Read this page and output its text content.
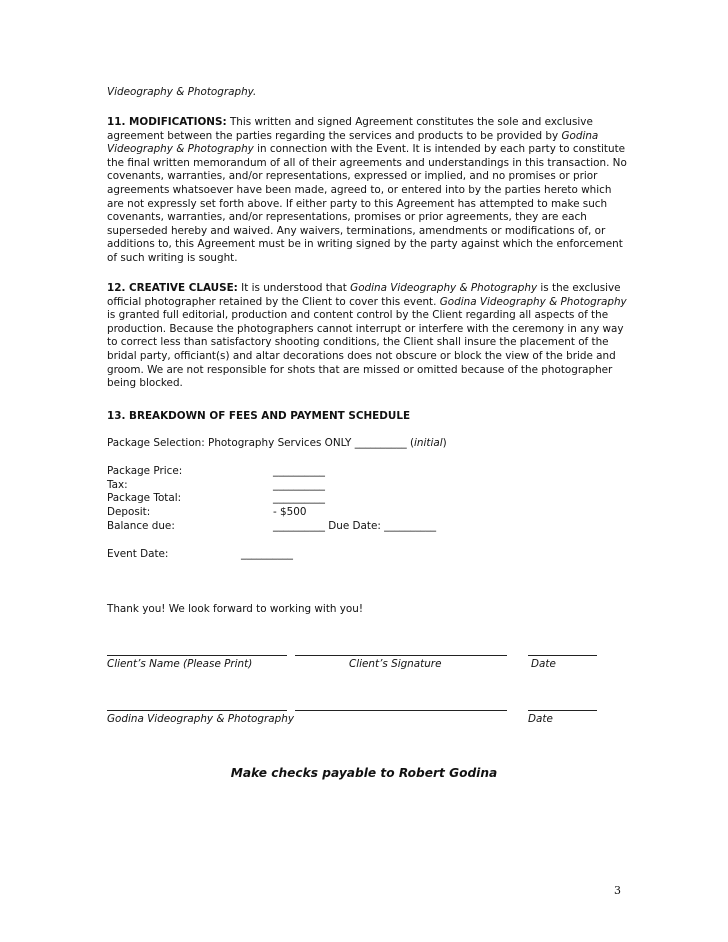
Videography & Photography.

11. MODIFICATIONS: This written and signed Agreement constitutes the sole and exclusive agreement between the parties regarding the services and products to be provided by Godina Videography & Photography in connection with the Event. It is intended by each party to constitute the final written memorandum of all of their agreements and understandings in this transaction. No covenants, warranties, and/or representations, expressed or implied, and no promises or prior agreements whatsoever have been made, agreed to, or entered into by the parties hereto which are not expressly set forth above. If either party to this Agreement has attempted to make such covenants, warranties, and/or representations, promises or prior agreements, they are each superseded hereby and waived. Any waivers, terminations, amendments or modifications of, or additions to, this Agreement must be in writing signed by the party against which the enforcement of such writing is sought.

12. CREATIVE CLAUSE: It is understood that Godina Videography & Photography is the exclusive official photographer retained by the Client to cover this event. Godina Videography & Photography is granted full editorial, production and content control by the Client regarding all aspects of the production. Because the photographers cannot interrupt or interfere with the ceremony in any way to correct less than satisfactory shooting conditions, the Client shall insure the placement of the bridal party, officiant(s) and altar decorations does not obscure or block the view of the bride and groom. We are not responsible for shots that are missed or omitted because of the photographer being blocked.

13. BREAKDOWN OF FEES AND PAYMENT SCHEDULE
Package Selection: Photography Services ONLY __________ (initial)
Package Price:	__________
Tax:	__________
Package Total:	__________
Deposit:	- $500
Balance due:	__________ Due Date: __________
Event Date:	__________
Thank you! We look forward to working with you!
Client’s Name (Please Print)	Client’s Signature	Date
Godina Videography & Photography	Date
Make checks payable to Robert Godina
3
